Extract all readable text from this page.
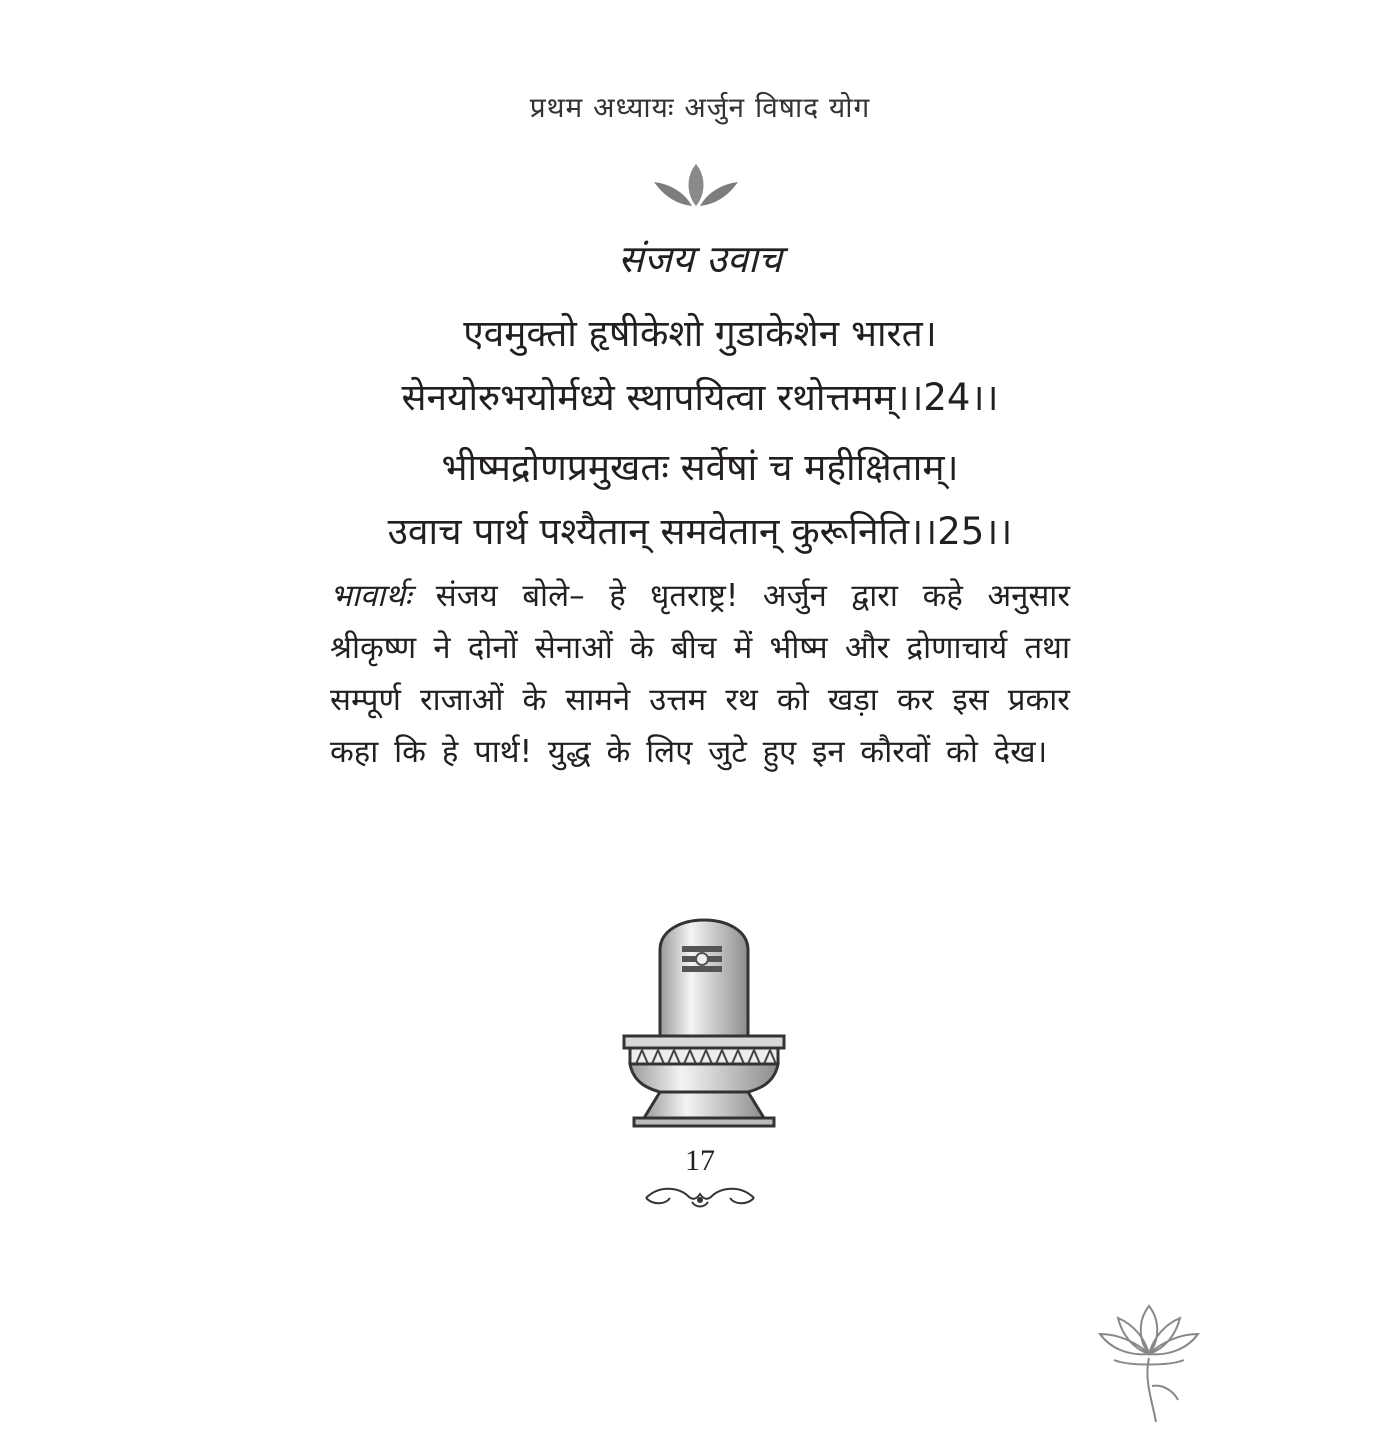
प्रथम अध्यायः अर्जुन विषाद योग
संजय उवाच
एवमुक्तो हृषीकेशो गुडाकेशेन भारत।
सेनयोरुभयोर्मध्ये स्थापयित्वा रथोत्तमम्।।24।।
भीष्मद्रोणप्रमुखतः सर्वेषां च महीक्षिताम्।
उवाच पार्थ पश्यैतान् समवेतान् कुरूनिति।।25।।
भावार्थः संजय बोले– हे धृतराष्ट्र! अर्जुन द्वारा कहे अनुसार श्रीकृष्ण ने दोनों सेनाओं के बीच में भीष्म और द्रोणाचार्य तथा सम्पूर्ण राजाओं के सामने उत्तम रथ को खड़ा कर इस प्रकार कहा कि हे पार्थ! युद्ध के लिए जुटे हुए इन कौरवों को देख।
17
